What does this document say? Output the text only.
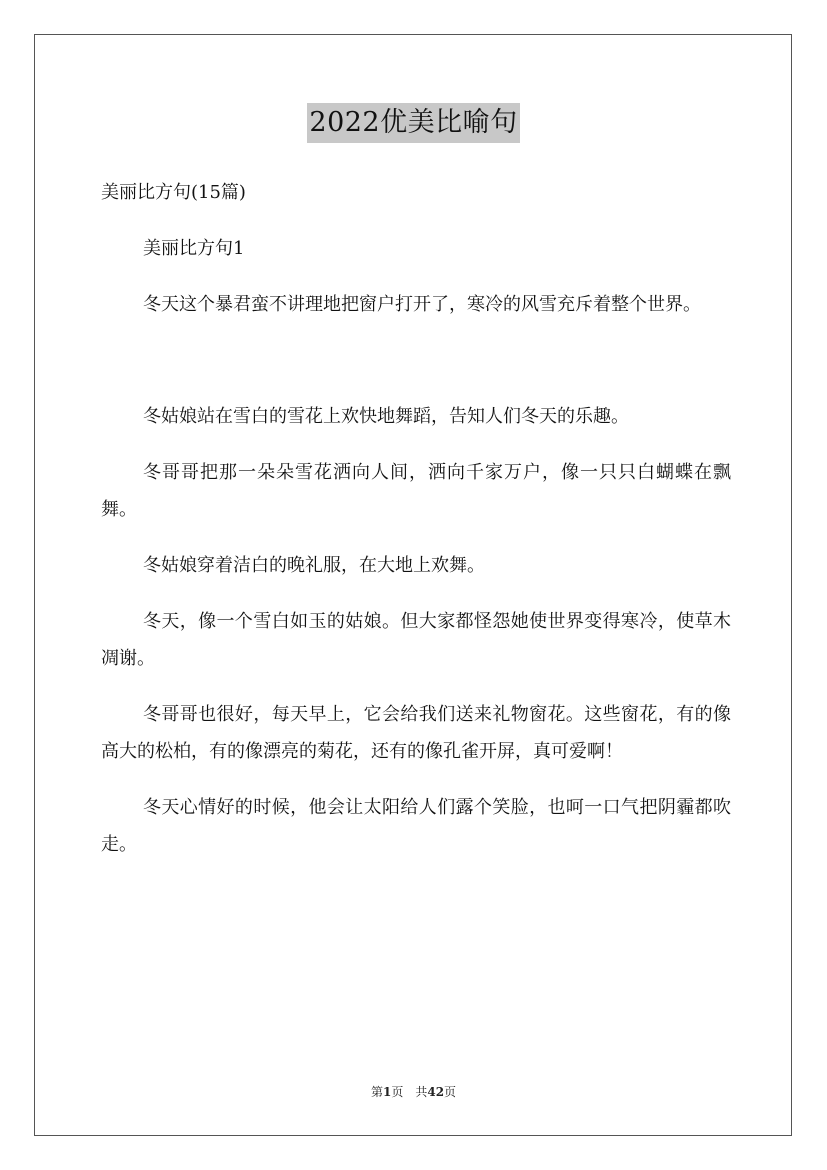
2022优美比喻句

美丽比方句(15篇)

美丽比方句1

冬天这个暴君蛮不讲理地把窗户打开了，寒冷的风雪充斥着整个世界。

冬姑娘站在雪白的雪花上欢快地舞蹈，告知人们冬天的乐趣。

冬哥哥把那一朵朵雪花洒向人间，洒向千家万户，像一只只白蝴蝶在飘舞。

冬姑娘穿着洁白的晚礼服，在大地上欢舞。

冬天，像一个雪白如玉的姑娘。但大家都怪怨她使世界变得寒冷，使草木凋谢。

冬哥哥也很好，每天早上，它会给我们送来礼物窗花。这些窗花，有的像高大的松柏，有的像漂亮的菊花，还有的像孔雀开屏，真可爱啊！

冬天心情好的时候，他会让太阳给人们露个笑脸，也呵一口气把阴霾都吹走。

第1页 共42页
